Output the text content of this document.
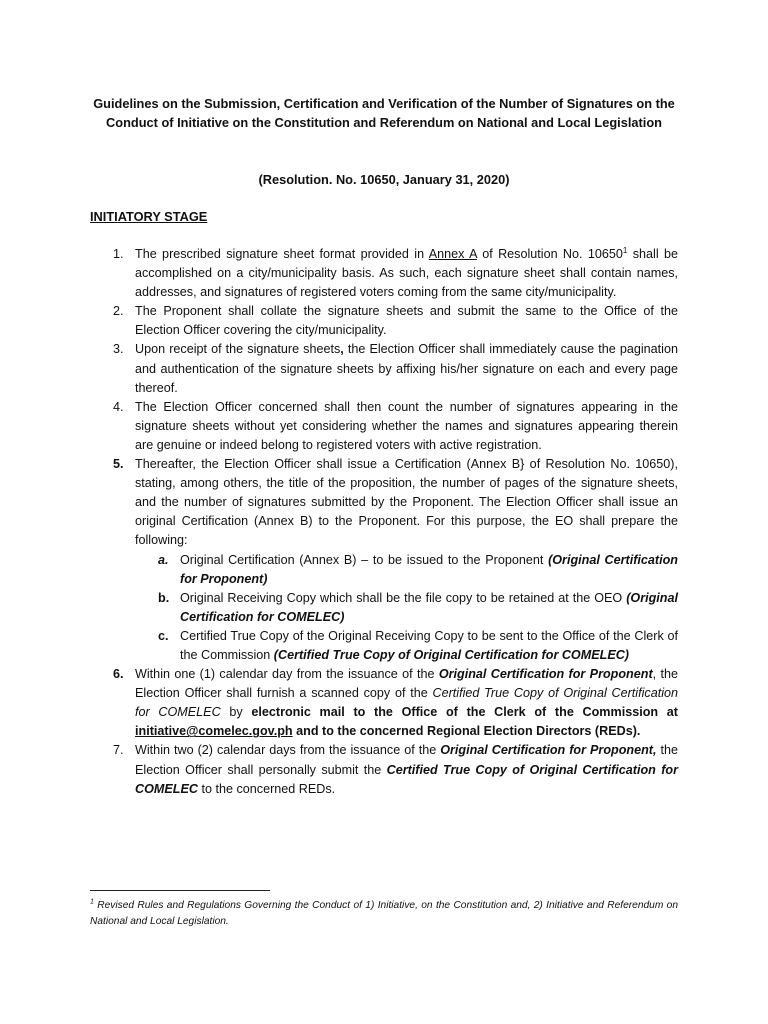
Guidelines on the Submission, Certification and Verification of the Number of Signatures on the Conduct of Initiative on the Constitution and Referendum on National and Local Legislation
(Resolution. No. 10650, January 31, 2020)
INITIATORY STAGE
1. The prescribed signature sheet format provided in Annex A of Resolution No. 10650$^1$ shall be accomplished on a city/municipality basis. As such, each signature sheet shall contain names, addresses, and signatures of registered voters coming from the same city/municipality.
2. The Proponent shall collate the signature sheets and submit the same to the Office of the Election Officer covering the city/municipality.
3. Upon receipt of the signature sheets, the Election Officer shall immediately cause the pagination and authentication of the signature sheets by affixing his/her signature on each and every page thereof.
4. The Election Officer concerned shall then count the number of signatures appearing in the signature sheets without yet considering whether the names and signatures appearing therein are genuine or indeed belong to registered voters with active registration.
5. Thereafter, the Election Officer shall issue a Certification (Annex B} of Resolution No. 10650), stating, among others, the title of the proposition, the number of pages of the signature sheets, and the number of signatures submitted by the Proponent. The Election Officer shall issue an original Certification (Annex B) to the Proponent. For this purpose, the EO shall prepare the following:
a. Original Certification (Annex B) – to be issued to the Proponent (Original Certification for Proponent)
b. Original Receiving Copy which shall be the file copy to be retained at the OEO (Original Certification for COMELEC)
c. Certified True Copy of the Original Receiving Copy to be sent to the Office of the Clerk of the Commission (Certified True Copy of Original Certification for COMELEC)
6. Within one (1) calendar day from the issuance of the Original Certification for Proponent, the Election Officer shall furnish a scanned copy of the Certified True Copy of Original Certification for COMELEC by electronic mail to the Office of the Clerk of the Commission at initiative@comelec.gov.ph and to the concerned Regional Election Directors (REDs).
7. Within two (2) calendar days from the issuance of the Original Certification for Proponent, the Election Officer shall personally submit the Certified True Copy of Original Certification for COMELEC to the concerned REDs.
$^1$ Revised Rules and Regulations Governing the Conduct of 1) Initiative, on the Constitution and, 2) Initiative and Referendum on National and Local Legislation.
